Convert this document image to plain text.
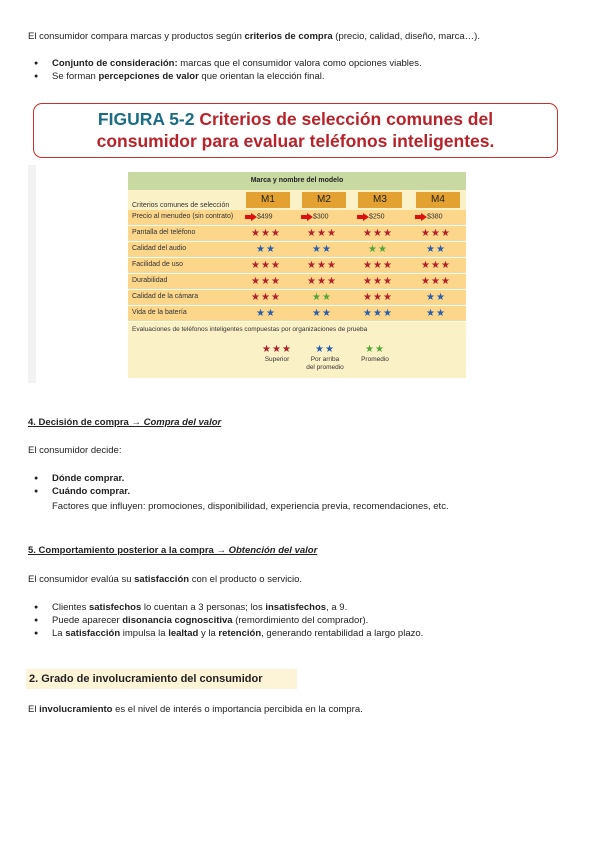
El consumidor compara marcas y productos según criterios de compra (precio, calidad, diseño, marca…).
● Conjunto de consideración: marcas que el consumidor valora como opciones viables.
● Se forman percepciones de valor que orientan la elección final.
FIGURA 5-2 Criterios de selección comunes del
consumidor para evaluar teléfonos inteligentes.
Marca y nombre del modelo
Criterios comunes de selección
Evaluaciones de teléfonos inteligentes compuestas por organizaciones de prueba
M1	M2	M3	M4
Precio al menudeo (sin contrato)	$499	$300	$250	$380
Pantalla del teléfono	★★★	★★★	★★★	★★★
Calidad del audio	★★	★★	★★	★★
Facilidad de uso	★★★	★★★	★★★	★★★
Durabilidad	★★★	★★★	★★★	★★★
Calidad de la cámara	★★★	★★	★★★	★★
Vida de la batería	★★	★★	★★★	★★
★★★
Superior
★★
Por arriba
del promedio
★★
Promedio
4. Decisión de compra → Compra del valor
El consumidor decide:
● Dónde comprar.
● Cuándo comprar.
Factores que influyen: promociones, disponibilidad, experiencia previa, recomendaciones, etc.
5. Comportamiento posterior a la compra → Obtención del valor
El consumidor evalúa su satisfacción con el producto o servicio.
● Clientes satisfechos lo cuentan a 3 personas; los insatisfechos, a 9.
● Puede aparecer disonancia cognoscitiva (remordimiento del comprador).
● La satisfacción impulsa la lealtad y la retención, generando rentabilidad a largo plazo.
2. Grado de involucramiento del consumidor
El involucramiento es el nivel de interés o importancia percibida en la compra.
